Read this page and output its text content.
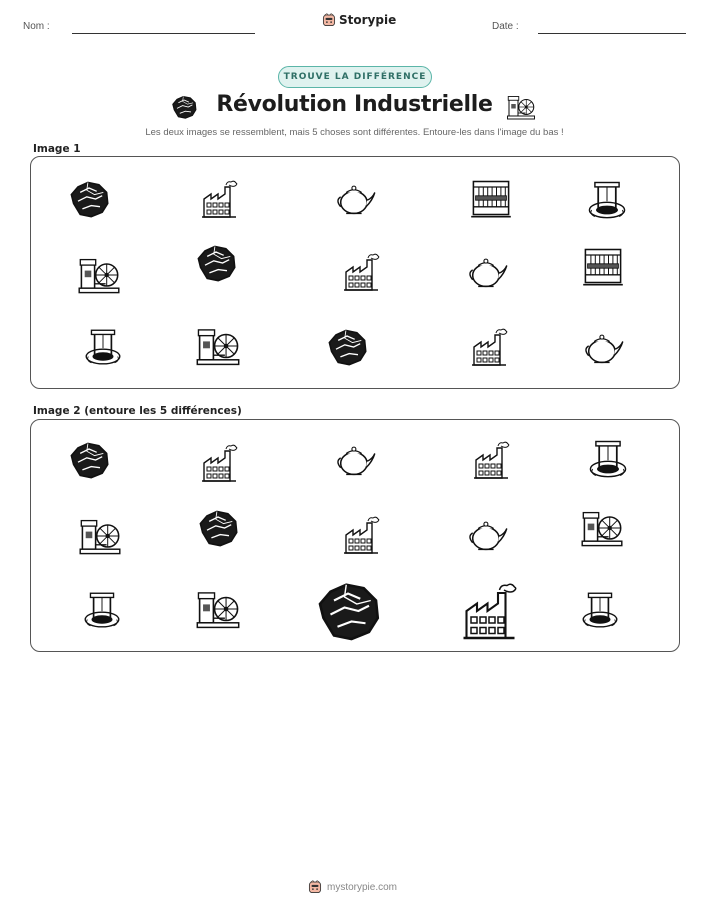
Nom :	Storypie	Date :
TROUVE LA DIFFÉRENCE
Révolution Industrielle
Les deux images se ressemblent, mais 5 choses sont différentes. Entoure-les dans l'image du bas !
Image 1
Image 2 (entoure les 5 différences)
mystorypie.com
